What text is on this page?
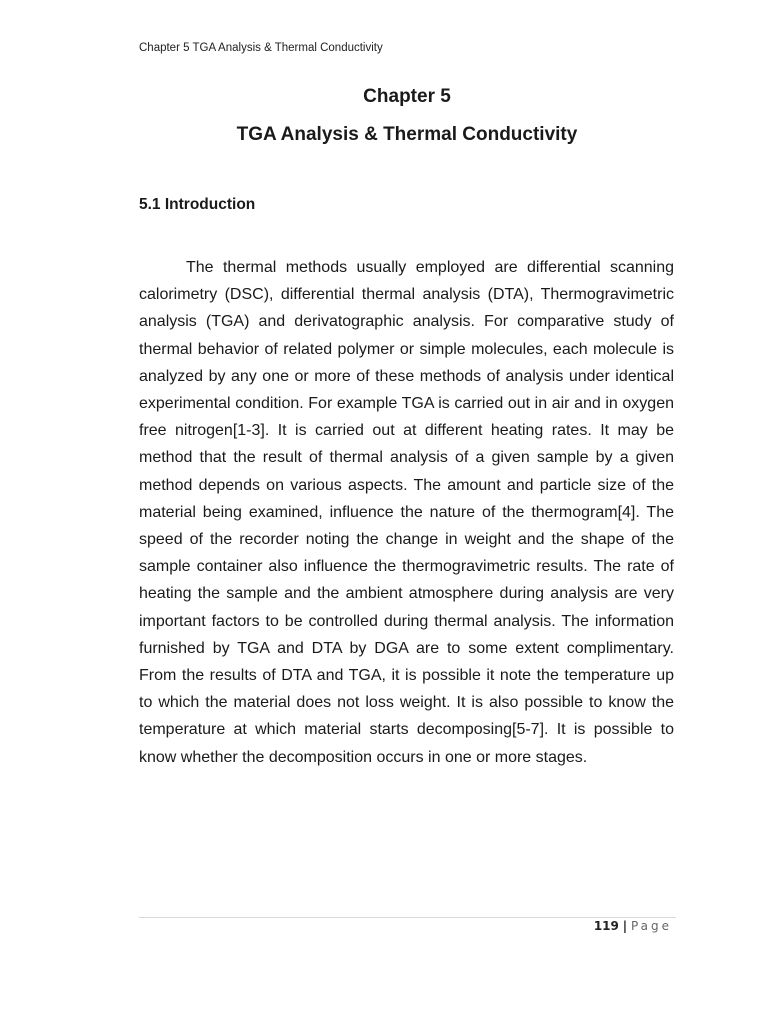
Chapter 5 TGA Analysis & Thermal Conductivity
Chapter 5
TGA Analysis & Thermal Conductivity
5.1 Introduction

The thermal methods usually employed are differential scanning calorimetry (DSC), differential thermal analysis (DTA), Thermogravimetric analysis (TGA) and derivatographic analysis. For comparative study of thermal behavior of related polymer or simple molecules, each molecule is analyzed by any one or more of these methods of analysis under identical experimental condition. For example TGA is carried out in air and in oxygen free nitrogen[1-3]. It is carried out at different heating rates. It may be method that the result of thermal analysis of a given sample by a given method depends on various aspects. The amount and particle size of the material being examined, influence the nature of the thermogram[4]. The speed of the recorder noting the change in weight and the shape of the sample container also influence the thermogravimetric results. The rate of heating the sample and the ambient atmosphere during analysis are very important factors to be controlled during thermal analysis. The information furnished by TGA and DTA by DGA are to some extent complimentary. From the results of DTA and TGA, it is possible it note the temperature up to which the material does not loss weight. It is also possible to know the temperature at which material starts decomposing[5-7]. It is possible to know whether the decomposition occurs in one or more stages.

119 | Page
